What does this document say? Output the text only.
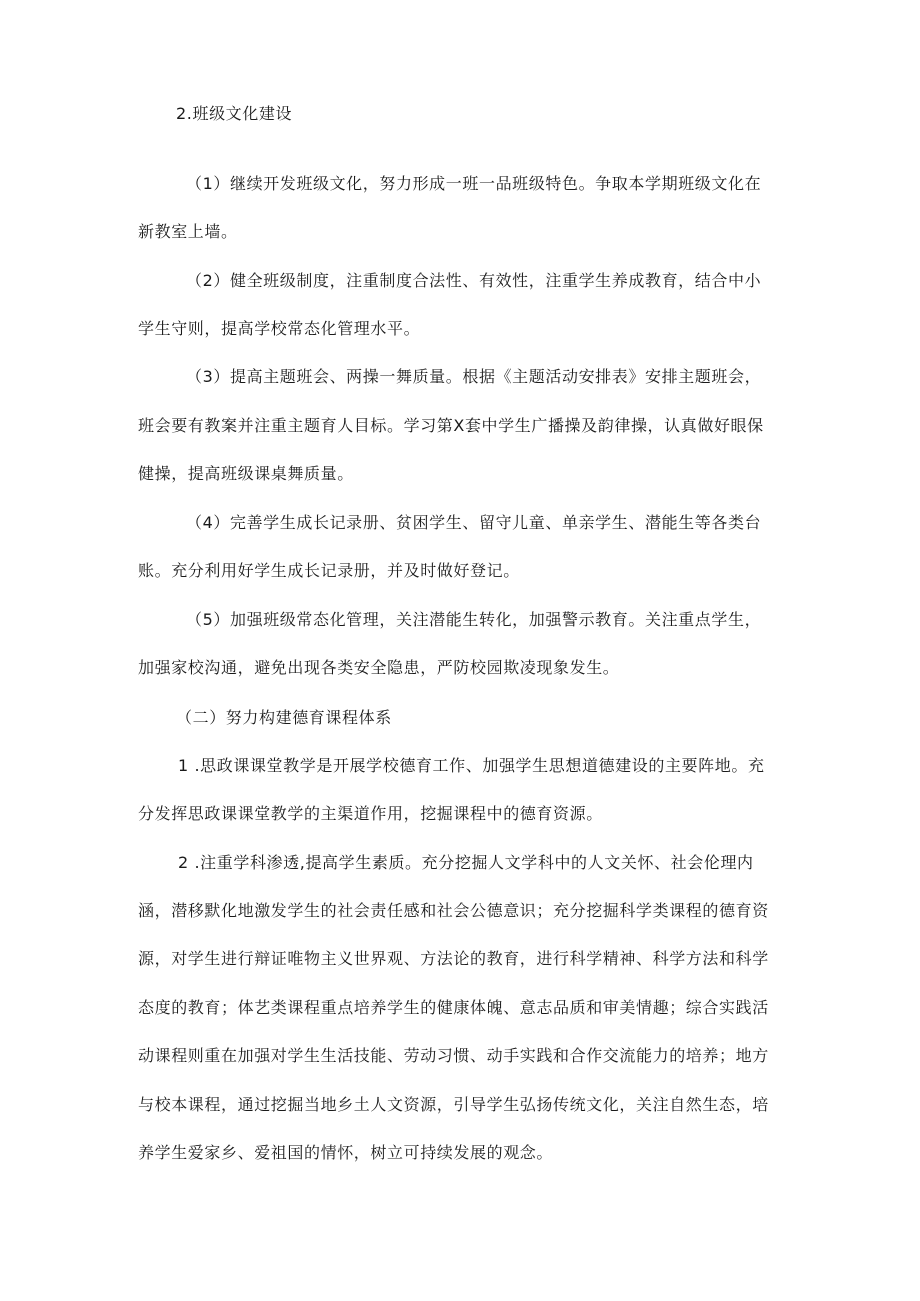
2.班级文化建设
（1）继续开发班级文化，努力形成一班一品班级特色。争取本学期班级文化在
新教室上墙。
（2）健全班级制度，注重制度合法性、有效性，注重学生养成教育，结合中小
学生守则，提高学校常态化管理水平。
（3）提高主题班会、两操一舞质量。根据《主题活动安排表》安排主题班会，
班会要有教案并注重主题育人目标。学习第X套中学生广播操及韵律操，认真做好眼保
健操，提高班级课桌舞质量。
（4）完善学生成长记录册、贫困学生、留守儿童、单亲学生、潜能生等各类台
账。充分利用好学生成长记录册，并及时做好登记。
（5）加强班级常态化管理，关注潜能生转化，加强警示教育。关注重点学生，
加强家校沟通，避免出现各类安全隐患，严防校园欺凌现象发生。
（二）努力构建德育课程体系
1 .思政课课堂教学是开展学校德育工作、加强学生思想道德建设的主要阵地。充
分发挥思政课课堂教学的主渠道作用，挖掘课程中的德育资源。
2 .注重学科渗透,提高学生素质。充分挖掘人文学科中的人文关怀、社会伦理内
涵，潜移默化地激发学生的社会责任感和社会公德意识；充分挖掘科学类课程的德育资
源，对学生进行辩证唯物主义世界观、方法论的教育，进行科学精神、科学方法和科学
态度的教育；体艺类课程重点培养学生的健康体魄、意志品质和审美情趣；综合实践活
动课程则重在加强对学生生活技能、劳动习惯、动手实践和合作交流能力的培养；地方
与校本课程，通过挖掘当地乡土人文资源，引导学生弘扬传统文化，关注自然生态，培
养学生爱家乡、爱祖国的情怀，树立可持续发展的观念。
